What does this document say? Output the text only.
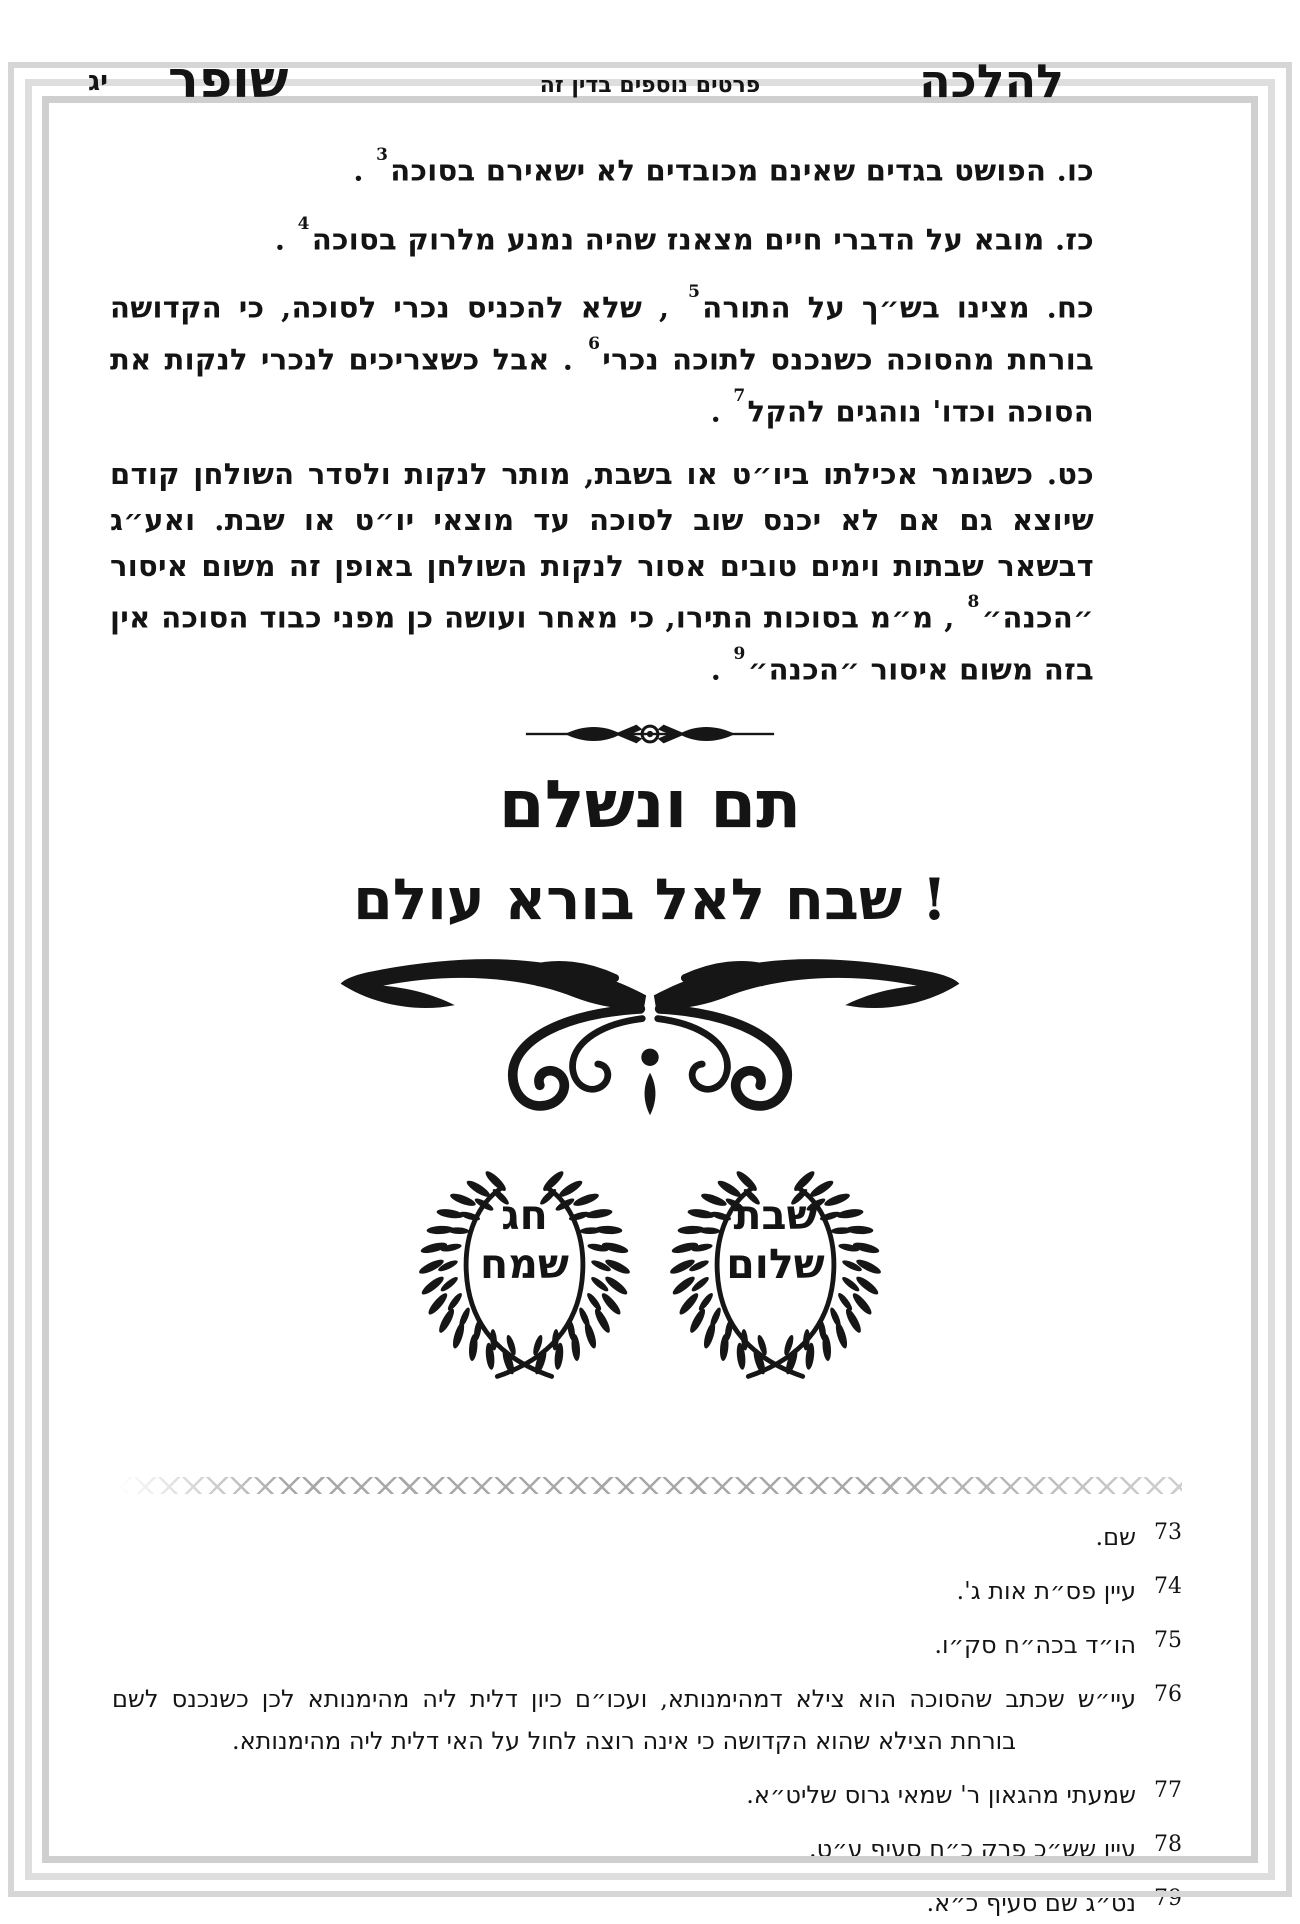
להלכה
פרטים נוספים בדין זה
שופר
יג

כו. הפושט בגדים שאינם מכובדים לא ישאירם בסוכה$^3$ .

כז. מובא על הדברי חיים מצאנז שהיה נמנע מלרוק בסוכה$^4$ .

כח. מצינו בש״ך על התורה$^5$ , שלא להכניס נכרי לסוכה, כי הקדושה בורחת מהסוכה כשנכנס לתוכה נכרי$^6$ . אבל כשצריכים לנכרי לנקות את הסוכה וכדו' נוהגים להקל$^7$ .

כט. כשגומר אכילתו ביו״ט או בשבת, מותר לנקות ולסדר השולחן קודם שיוצא גם אם לא יכנס שוב לסוכה עד מוצאי יו״ט או שבת. ואע״ג דבשאר שבתות וימים טובים אסור לנקות השולחן באופן זה משום איסור ״הכנה״$^8$ , מ״מ בסוכות התירו, כי מאחר ועושה כן מפני כבוד הסוכה אין בזה משום איסור ״הכנה״$^9$ .

תם ונשלם
שבח לאל בורא עולם !
חג
שמח
שבת
שלום
73
שם.
74
עיין פס״ת אות ג'.
75
הו״ד בכה״ח סק״ו.
76
עיי״ש שכתב שהסוכה הוא צילא דמהימנותא, ועכו״ם כיון דלית ליה מהימנותא לכן כשנכנס לשם בורחת הצילא שהוא הקדושה כי אינה רוצה לחול על האי דלית ליה מהימנותא.
77
שמעתי מהגאון ר' שמאי גרוס שליט״א.
78
עיין שש״כ פרק כ״ח סעיף ע״ט.
79
נט״ג שם סעיף כ״א.
